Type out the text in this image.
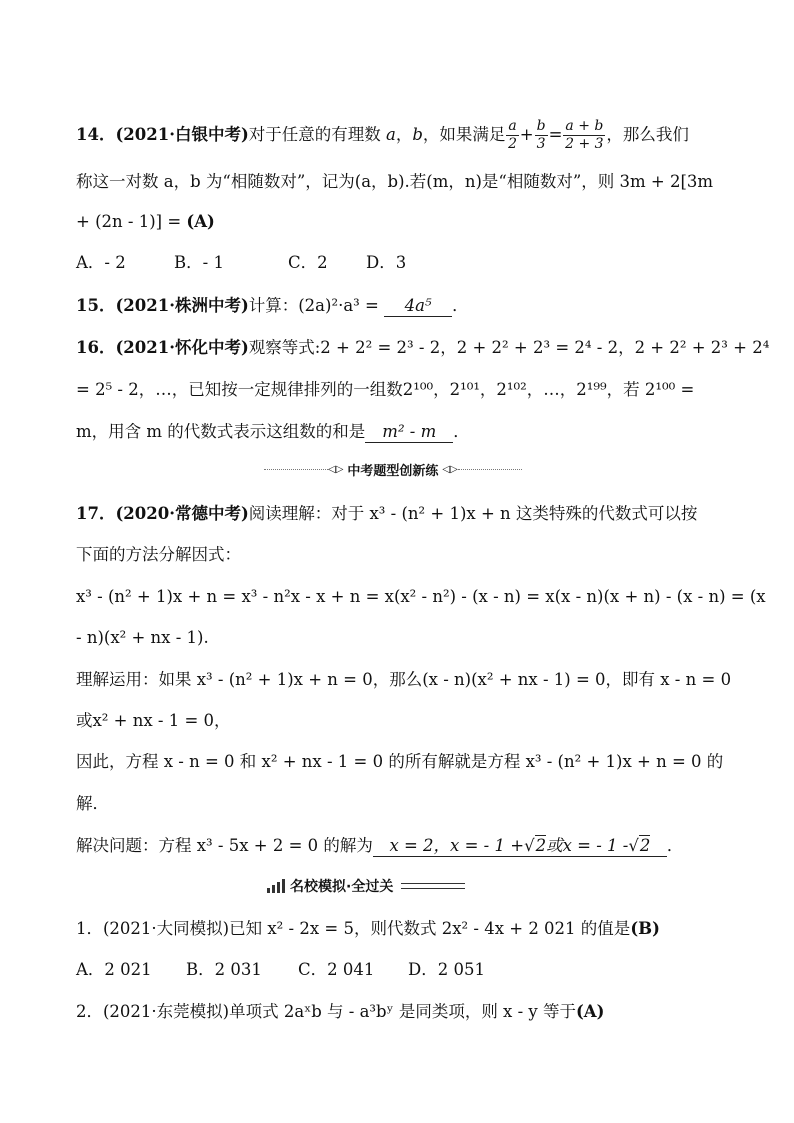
14．(2021·白银中考)对于任意的有理数 a，b，如果满足 $\frac{a}{2} + \frac{b}{3} = \frac{a + b}{2 + 3}$ ，那么我们
称这一对数 a，b 为“相随数对”，记为(a，b).若(m，n)是“相随数对”，则 3m + 2[3m
+ (2n - 1)] = (A)
A．- 2	B．- 1	C．2 D．3
15．(2021·株洲中考)计算：(2a)²·a³ = 4a⁵ ．
16．(2021·怀化中考)观察等式:2 + 2² = 2³ - 2，2 + 2² + 2³ = 2⁴ - 2，2 + 2² + 2³ + 2⁴
= 2⁵ - 2，…，已知按一定规律排列的一组数2¹⁰⁰，2¹⁰¹，2¹⁰²，…，2¹⁹⁹，若 2¹⁰⁰ =
m，用含 m 的代数式表示这组数的和是 m² - m ．
◁▷ 中考题型创新练 ◁▷
17．(2020·常德中考)阅读理解：对于 x³ - (n² + 1)x + n 这类特殊的代数式可以按
下面的方法分解因式：
x³ - (n² + 1)x + n = x³ - n²x - x + n = x(x² - n²) - (x - n) = x(x - n)(x + n) - (x - n) = (x
- n)(x² + nx - 1).
理解运用：如果 x³ - (n² + 1)x + n = 0，那么(x - n)(x² + nx - 1) = 0，即有 x - n = 0
或x² + nx - 1 = 0，
因此，方程 x - n = 0 和 x² + nx - 1 = 0 的所有解就是方程 x³ - (n² + 1)x + n = 0 的
解．
解决问题：方程 x³ - 5x + 2 = 0 的解为 x = 2，x = - 1 +√2或x = - 1 -√2 ．
名校模拟·全过关
1．(2021·大同模拟)已知 x² - 2x = 5，则代数式 2x² - 4x + 2 021 的值是(B)
A．2 021 B．2 031 C．2 041 D．2 051
2．(2021·东莞模拟)单项式 2aˣb 与 - a³bʸ 是同类项，则 x - y 等于(A)
